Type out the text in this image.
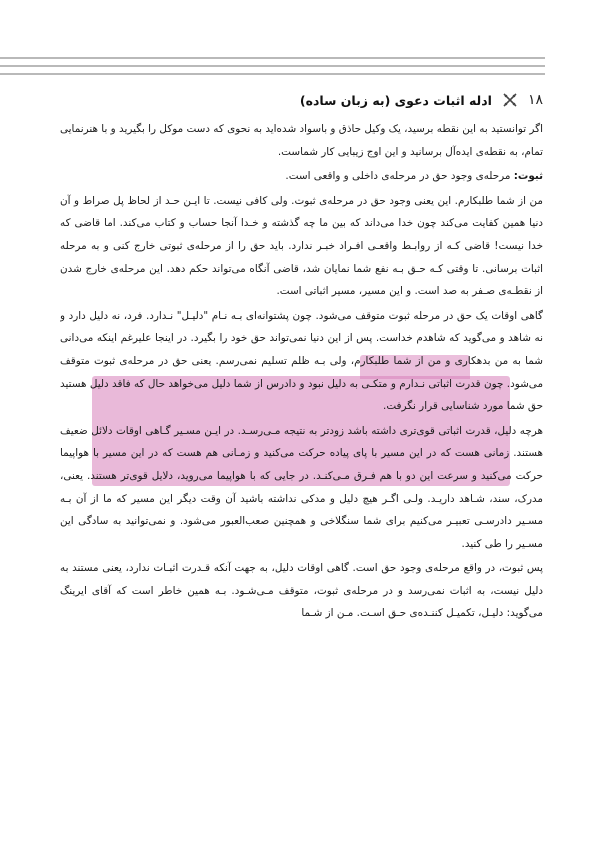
۱۸
ادله اثبات دعوی (به زبان ساده)

اگر توانستید به این نقطه برسید، یک وکیل حاذق و باسواد شده‌اید به نحوی که دست موکل را بگیرید و با هنرنمایی تمام، به نقطه‌ی ایده‌آل برسانید و این اوج زیبایی کار شماست.

ثبوت: مرحله‌ی وجود حق در مرحله‌ی داخلی و واقعی است.

من از شما طلبکارم. این یعنی وجود حق در مرحله‌ی ثبوت. ولی کافی نیست. تا ایـن حـد از لحاظ پل صراط و آن دنیا همین کفایت می‌کند چون خدا می‌داند که بین ما چه گذشته و خـدا آنجا حساب و کتاب می‌کند. اما قاضی که خدا نیست! قاضی کـه از روابـط واقعـی افـراد خبـر ندارد. باید حق را از مرحله‌ی ثبوتی خارج کنی و به مرحله اثبات برسانی. تا وقتی کـه حـق بـه نفع شما نمایان شد، قاضی آنگاه می‌تواند حکم دهد. این مرحله‌ی خارج شدن از نقطـه‌ی صـفر به صد است. و این مسیر، مسیر اثباتی است.

گاهی اوقات یک حق در مرحله ثبوت متوقف می‌شود. چون پشتوانه‌ای بـه نـام "دلیـل" نـدارد. فرد، نه دلیل دارد و نه شاهد و می‌گوید که شاهدم خداست. پس از این دنیا نمی‌تواند حق خود را بگیرد. در اینجا علیرغم اینکه می‌دانی شما به من بدهکاری و من از شما طلبکارم، ولی بـه ظلم تسلیم نمی‌رسم. یعنی حق در مرحله‌ی ثبوت متوقف می‌شود. چون قدرت اثباتی نـدارم و متکـی به دلیل نبود و دادرس از شما دلیل می‌خواهد حال که فاقد دلیل هستید حق شما مورد شناسایی قرار نگرفت.

هرچه دلیل، قدرت اثباتی قوی‌تری داشته باشد زودتر به نتیجه مـی‌رسـد. در ایـن مسـیر گـاهی اوقات دلائل ضعیف هستند. زمانی هست که در این مسیر با پای پیاده حرکت می‌کنید و زمـانی هم هست که در این مسیر با هواپیما حرکت می‌کنید و سرعت این دو با هم فـرق مـی‌کنـد. در جایی که با هواپیما می‌روید، دلایل قوی‌تر هستند. یعنی، مدرک، سند، شـاهد داریـد. ولـی اگـر هیچ دلیل و مدکی نداشته باشید آن وقت دیگر این مسیر که ما از آن بـه مسـیر دادرسـی تعبیـر می‌کنیم برای شما سنگلاخی و همچنین صعب‌العبور می‌شود. و نمی‌توانید به سادگی این مسـیر را طی کنید.

پس ثبوت، در واقع مرحله‌ی وجود حق است. گاهی اوقات دلیل، به جهت آنکه قـدرت اثبـات ندارد، یعنی مستند به دلیل نیست، به اثبات نمی‌رسد و در مرحله‌ی ثبوت، متوقف مـی‌شـود. بـه همین خاطر است که آقای ایرینگ می‌گوید: دلیـل، تکمیـل کننـده‌ی حـق اسـت. مـن از شـما
